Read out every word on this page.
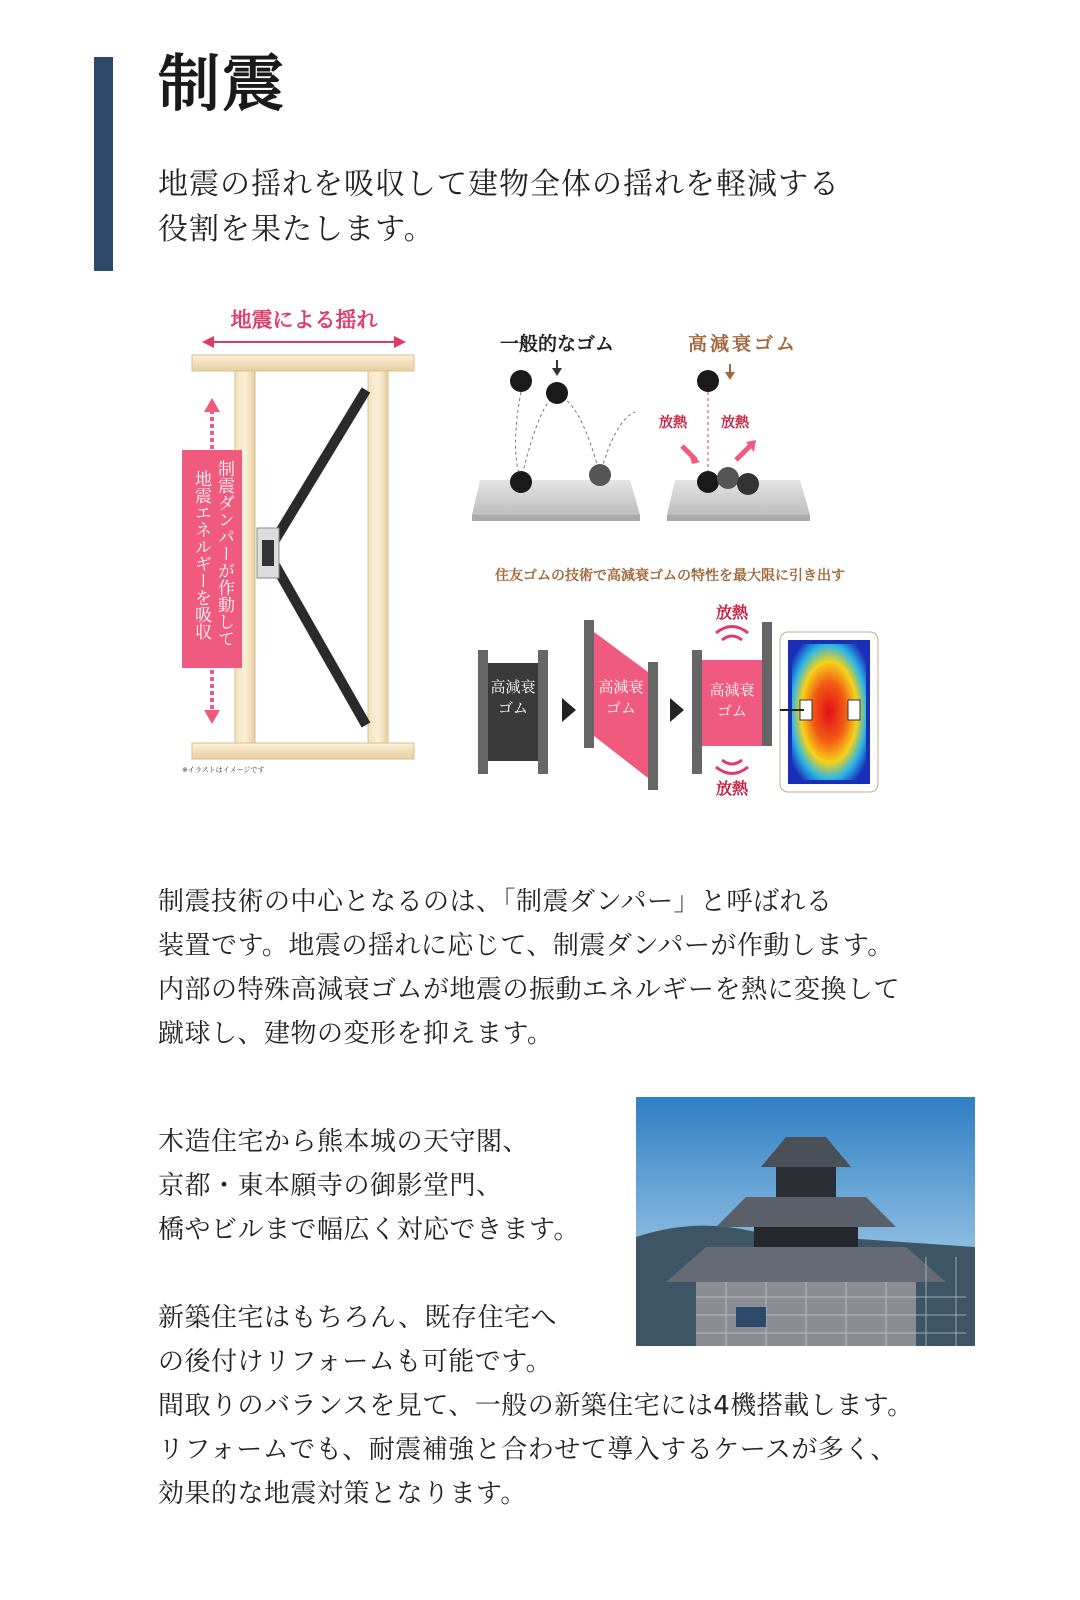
制震
地震の揺れを吸収して建物全体の揺れを軽減する
役割を果たします。
地震による揺れ
制震ダンパーが作動して
地震エネルギーを吸収
※イラストはイメージです
一般的なゴム	高減衰ゴム
放熱 放熱
住友ゴムの技術で高減衰ゴムの特性を最大限に引き出す
高減衰
ゴム
高減衰
ゴム
高減衰
ゴム
放熱
放熱
制震技術の中心となるのは、「制震ダンパー」と呼ばれる
装置です。地震の揺れに応じて、制震ダンパーが作動します。
内部の特殊高減衰ゴムが地震の振動エネルギーを熱に変換して
蹴球し、建物の変形を抑えます。
木造住宅から熊本城の天守閣、
京都・東本願寺の御影堂門、
橋やビルまで幅広く対応できます。
新築住宅はもちろん、既存住宅へ
の後付けリフォームも可能です。
間取りのバランスを見て、一般の新築住宅には4機搭載します。
リフォームでも、耐震補強と合わせて導入するケースが多く、
効果的な地震対策となります。
